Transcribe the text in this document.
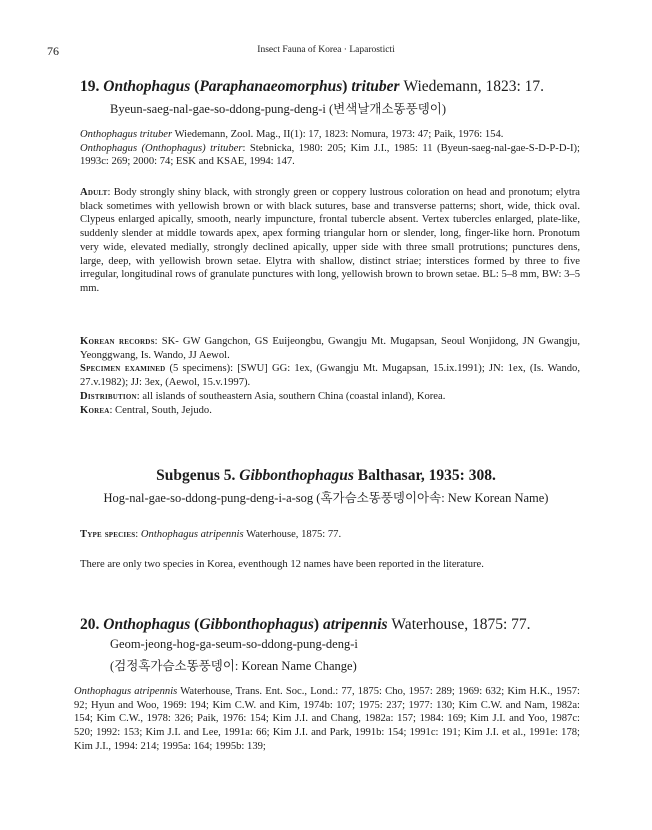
76	Insect Fauna of Korea · Laparosticti
19. Onthophagus (Paraphanaeomorphus) trituber Wiedemann, 1823: 17.
Byeun-saeg-nal-gae-so-ddong-pung-deng-i (변색날개소똥풍뎅이)

Onthophagus trituber Wiedemann, Zool. Mag., II(1): 17, 1823: Nomura, 1973: 47; Paik, 1976: 154.

Onthophagus (Onthophagus) trituber: Stebnicka, 1980: 205; Kim J.I., 1985: 11 (Byeun-saeg-nal-gae-S-D-P-D-I); 1993c: 269; 2000: 74; ESK and KSAE, 1994: 147.

Adult: Body strongly shiny black, with strongly green or coppery lustrous coloration on head and pronotum; elytra black sometimes with yellowish brown or with black sutures, base and transverse patterns; short, wide, thick oval. Clypeus enlarged apically, smooth, nearly impuncture, frontal tubercle absent. Vertex tubercles enlarged, plate-like, suddenly slender at middle towards apex, apex forming triangular horn or slender, long, finger-like horn. Pronotum very wide, elevated medially, strongly declined apically, upper side with three small protrutions; punctures dens, large, deep, with yellowish brown setae. Elytra with shallow, distinct striae; interstices formed by three to five irregular, longitudinal rows of granulate punctures with long, yellowish brown to brown setae. BL: 5–8 mm, BW: 3–5 mm.

Korean records: SK- GW Gangchon, GS Euijeongbu, Gwangju Mt. Mugapsan, Seoul Wonjidong, JN Gwangju, Yeonggwang, Is. Wando, JJ Aewol.

Specimen examined (5 specimens): [SWU] GG: 1ex, (Gwangju Mt. Mugapsan, 15.ix.1991); JN: 1ex, (Is. Wando, 27.v.1982); JJ: 3ex, (Aewol, 15.v.1997).

Distribution: all islands of southeastern Asia, southern China (coastal inland), Korea.

Korea: Central, South, Jejudo.

Subgenus 5. Gibbonthophagus Balthasar, 1935: 308.
Hog-nal-gae-so-ddong-pung-deng-i-a-sog (혹가슴소똥풍뎅이아속: New Korean Name)

Type species: Onthophagus atripennis Waterhouse, 1875: 77.

There are only two species in Korea, eventhough 12 names have been reported in the literature.

20. Onthophagus (Gibbonthophagus) atripennis Waterhouse, 1875: 77.
Geom-jeong-hog-ga-seum-so-ddong-pung-deng-i
(검정혹가슴소똥풍뎅이: Korean Name Change)

Onthophagus atripennis Waterhouse, Trans. Ent. Soc., Lond.: 77, 1875: Cho, 1957: 289; 1969: 632; Kim H.K., 1957: 92; Hyun and Woo, 1969: 194; Kim C.W. and Kim, 1974b: 107; 1975: 237; 1977: 130; Kim C.W. and Nam, 1982a: 154; Kim C.W., 1978: 326; Paik, 1976: 154; Kim J.I. and Chang, 1982a: 157; 1984: 169; Kim J.I. and Yoo, 1987c: 520; 1992: 153; Kim J.I. and Lee, 1991a: 66; Kim J.I. and Park, 1991b: 154; 1991c: 191; Kim J.I. et al., 1991e: 178; Kim J.I., 1994: 214; 1995a: 164; 1995b: 139;
